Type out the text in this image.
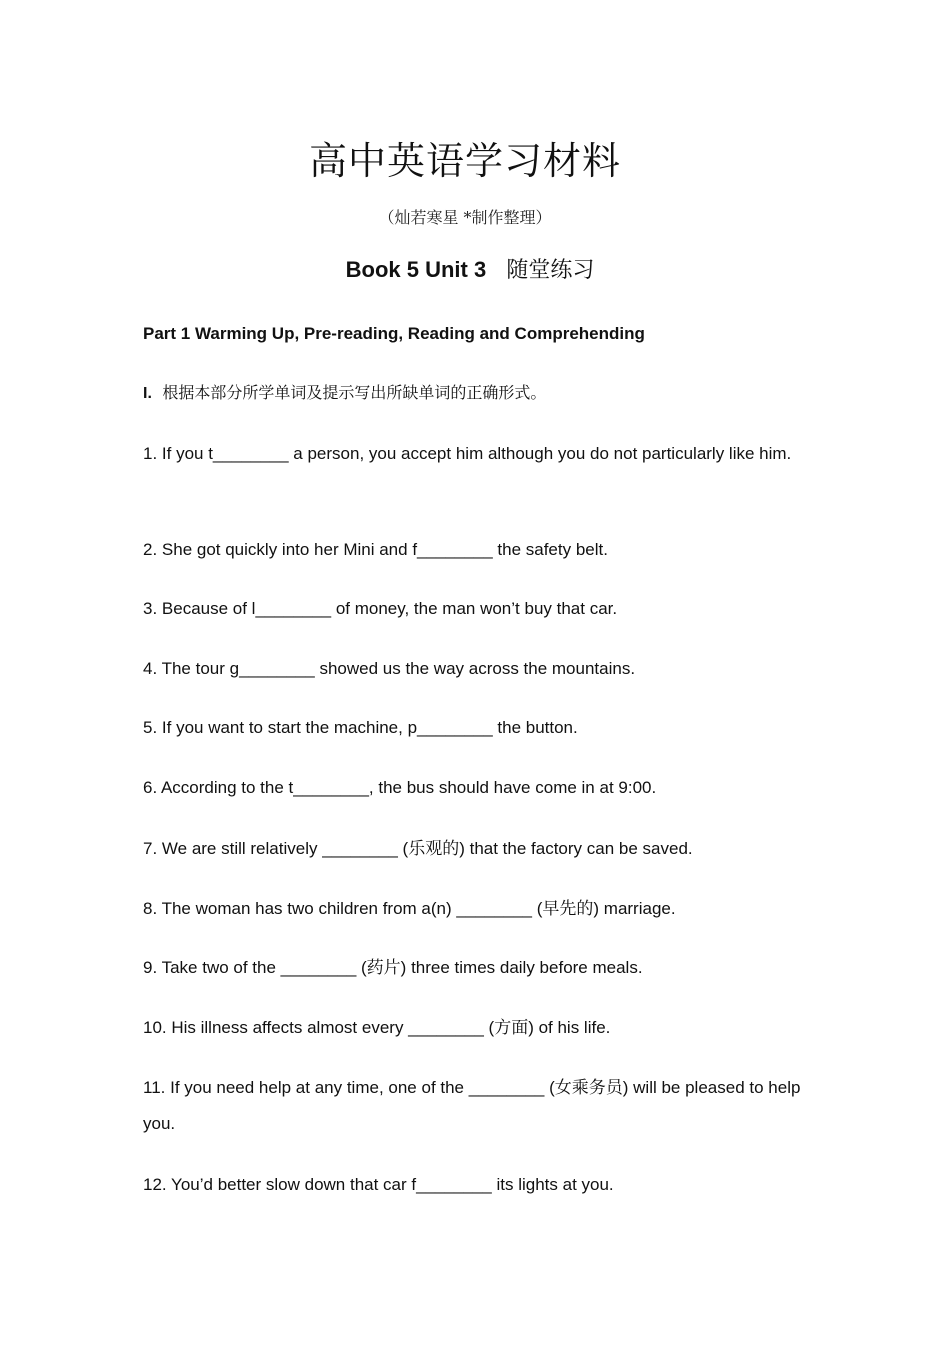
高中英语学习材料
（灿若寒星 *制作整理）
Book 5 Unit 3 随堂练习
Part 1 Warming Up, Pre-reading, Reading and Comprehending
I. 根据本部分所学单词及提示写出所缺单词的正确形式。
1. If you t________ a person, you accept him although you do not particularly like him.
2. She got quickly into her Mini and f________ the safety belt.
3. Because of l________ of money, the man won’t buy that car.
4. The tour g________ showed us the way across the mountains.
5. If you want to start the machine, p________ the button.
6. According to the t________, the bus should have come in at 9:00.
7. We are still relatively ________ (乐观的) that the factory can be saved.
8. The woman has two children from a(n) ________ (早先的) marriage.
9. Take two of the ________ (药片) three times daily before meals.
10. His illness affects almost every ________ (方面) of his life.
11. If you need help at any time, one of the ________ (女乘务员) will be pleased to help you.
12. You’d better slow down that car f________ its lights at you.
